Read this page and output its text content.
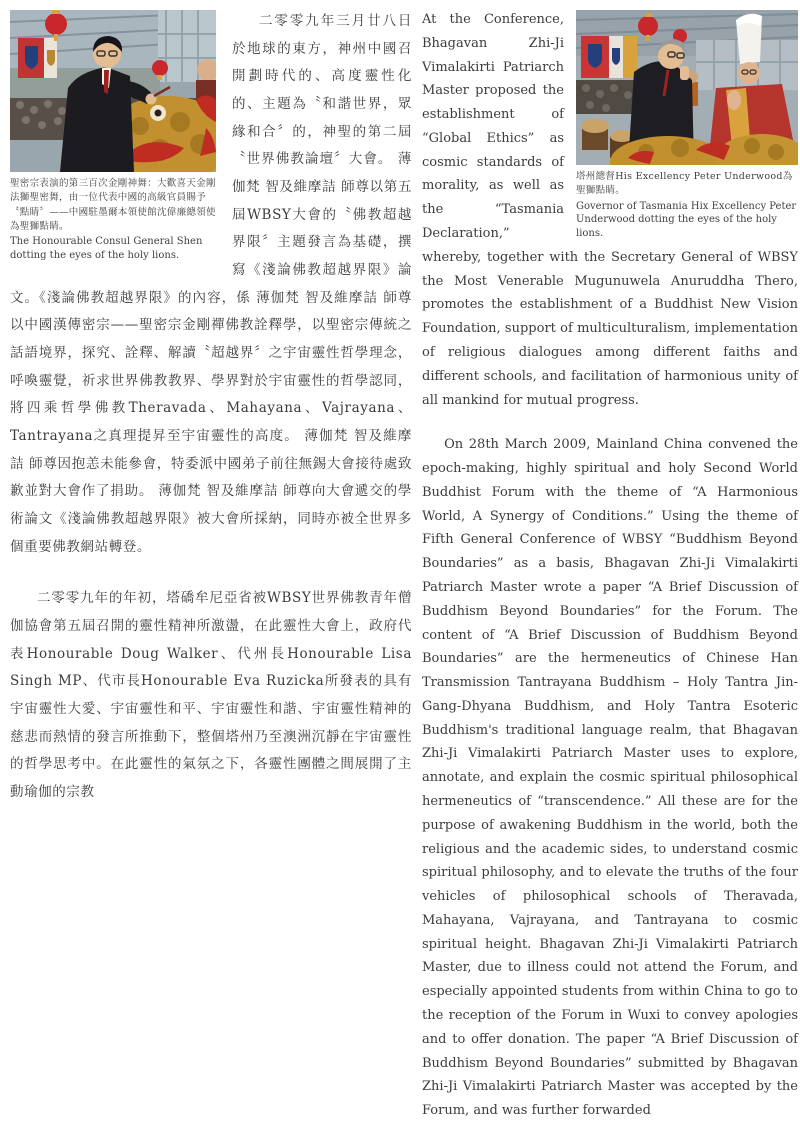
聖密宗表演的第三百次金剛神舞：大歡喜天金剛法獅聖密舞，由一位代表中國的高級官員賜予〝點睛〞——中國駐墨爾本領使館沈偉廉總領使為聖獅點睛。
The Honourable Consul General Shen dotting the eyes of the holy lions.

二零零九年三月廿八日於地球的東方，神州中國召開劃時代的、高度靈性化的、主題為〝和諧世界，眾緣和合〞的，神聖的第二屆〝世界佛教論壇〞大會。 薄伽梵 智及維摩詰 師尊以第五屆WBSY大會的〝佛教超越界限〞主題發言為基礎，撰寫《淺論佛教超越界限》論文。《淺論佛教超越界限》的內容，係 薄伽梵 智及維摩詰 師尊以中國漢傳密宗——聖密宗金剛禪佛教詮釋學，以聖密宗傳統之話語境界，探究、詮釋、解讀〝超越界〞之宇宙靈性哲學理念，呼喚靈覺，祈求世界佛教教界、學界對於宇宙靈性的哲學認同，將四乘哲學佛教Theravada、Mahayana、Vajrayana、Tantrayana之真理提昇至宇宙靈性的高度。 薄伽梵 智及維摩詰 師尊因抱恙未能參會，特委派中國弟子前往無錫大會接待處致歉並對大會作了捐助。 薄伽梵 智及維摩詰 師尊向大會遞交的學術論文《淺論佛教超越界限》被大會所採納，同時亦被全世界多個重要佛教網站轉登。

二零零九年的年初，塔礄牟尼亞省被WBSY世界佛教青年僧伽協會第五屆召開的靈性精神所激盪，在此靈性大會上，政府代表Honourable Doug Walker、代州長Honourable Lisa Singh MP、代市長Honourable Eva Ruzicka所發表的具有宇宙靈性大愛、宇宙靈性和平、宇宙靈性和諧、宇宙靈性精神的慈悲而熱情的發言所推動下，整個塔州乃至澳洲沉靜在宇宙靈性的哲學思考中。在此靈性的氣氛之下，各靈性團體之間展開了主動瑜伽的宗教

塔州總督His Excellency Peter Underwood為聖獅點睛。
Governor of Tasmania Hix Excellency Peter Underwood dotting the eyes of the holy lions.

At the Conference, Bhagavan Zhi-Ji Vimalakirti Patriarch Master proposed the establishment of “Global Ethics” as cosmic standards of morality, as well as the “Tasmania Declaration,” whereby, together with the Secretary General of WBSY the Most Venerable Mugunuwela Anuruddha Thero, promotes the establishment of a Buddhist New Vision Foundation, support of multiculturalism, implementation of religious dialogues among different faiths and different schools, and facilitation of harmonious unity of all mankind for mutual progress.

On 28th March 2009, Mainland China convened the epoch-making, highly spiritual and holy Second World Buddhist Forum with the theme of “A Harmonious World, A Synergy of Conditions.” Using the theme of Fifth General Conference of WBSY “Buddhism Beyond Boundaries” as a basis, Bhagavan Zhi-Ji Vimalakirti Patriarch Master wrote a paper “A Brief Discussion of Buddhism Beyond Boundaries” for the Forum. The content of “A Brief Discussion of Buddhism Beyond Boundaries” are the hermeneutics of Chinese Han Transmission Tantrayana Buddhism – Holy Tantra Jin-Gang-Dhyana Buddhism, and Holy Tantra Esoteric Buddhism's traditional language realm, that Bhagavan Zhi-Ji Vimalakirti Patriarch Master uses to explore, annotate, and explain the cosmic spiritual philosophical hermeneutics of “transcendence.” All these are for the purpose of awakening Buddhism in the world, both the religious and the academic sides, to understand cosmic spiritual philosophy, and to elevate the truths of the four vehicles of philosophical schools of Theravada, Mahayana, Vajrayana, and Tantrayana to cosmic spiritual height. Bhagavan Zhi-Ji Vimalakirti Patriarch Master, due to illness could not attend the Forum, and especially appointed students from within China to go to the reception of the Forum in Wuxi to convey apologies and to offer donation. The paper “A Brief Discussion of Buddhism Beyond Boundaries” submitted by Bhagavan Zhi-Ji Vimalakirti Patriarch Master was accepted by the Forum, and was further forwarded
